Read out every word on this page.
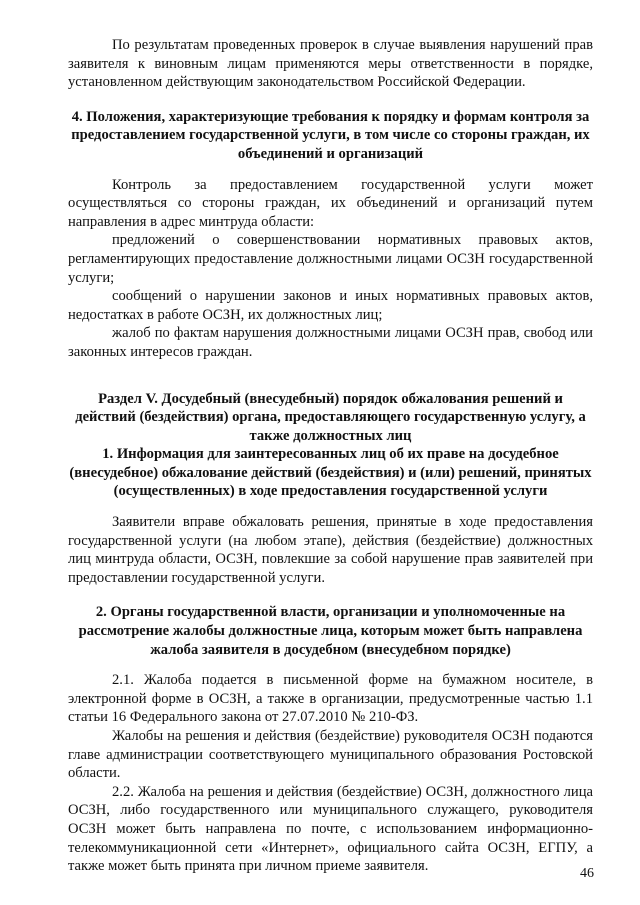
По результатам проведенных проверок в случае выявления нарушений прав заявителя к виновным лицам применяются меры ответственности в порядке, установленном действующим законодательством Российской Федерации.

4. Положения, характеризующие требования к порядку и формам контроля за предоставлением государственной услуги, в том числе со стороны граждан, их объединений и организаций

Контроль за предоставлением государственной услуги может осуществляться со стороны граждан, их объединений и организаций путем направления в адрес минтруда области:

предложений о совершенствовании нормативных правовых актов, регламентирующих предоставление должностными лицами ОСЗН государственной услуги;

сообщений о нарушении законов и иных нормативных правовых актов, недостатках в работе ОСЗН, их должностных лиц;

жалоб по фактам нарушения должностными лицами ОСЗН прав, свобод или законных интересов граждан.

Раздел V. Досудебный (внесудебный) порядок обжалования решений и действий (бездействия) органа, предоставляющего государственную услугу, а также должностных лиц

1. Информация для заинтересованных лиц об их праве на досудебное (внесудебное) обжалование действий (бездействия) и (или) решений, принятых (осуществленных) в ходе предоставления государственной услуги

Заявители вправе обжаловать решения, принятые в ходе предоставления государственной услуги (на любом этапе), действия (бездействие) должностных лиц минтруда области, ОСЗН, повлекшие за собой нарушение прав заявителей при предоставлении государственной услуги.

2. Органы государственной власти, организации и уполномоченные на рассмотрение жалобы должностные лица, которым может быть направлена жалоба заявителя в досудебном (внесудебном порядке)

2.1. Жалоба подается в письменной форме на бумажном носителе, в электронной форме в ОСЗН, а также в организации, предусмотренные частью 1.1 статьи 16 Федерального закона от 27.07.2010 № 210-ФЗ.

Жалобы на решения и действия (бездействие) руководителя ОСЗН подаются главе администрации соответствующего муниципального образования Ростовской области.

2.2. Жалоба на решения и действия (бездействие) ОСЗН, должностного лица ОСЗН, либо государственного или муниципального служащего, руководителя ОСЗН может быть направлена по почте, с использованием информационно-телекоммуникационной сети «Интернет», официального сайта ОСЗН, ЕГПУ, а также может быть принята при личном приеме заявителя.	46
